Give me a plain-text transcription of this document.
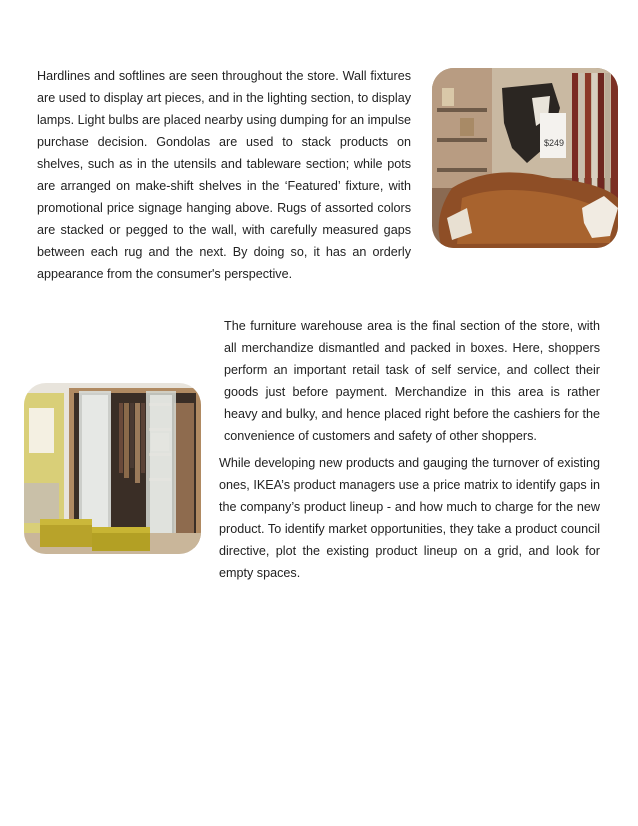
Hardlines and softlines are seen throughout the store. Wall fixtures are used to display art pieces, and in the lighting section, to display lamps. Light bulbs are placed nearby using dumping for an impulse purchase decision. Gondolas are used to stack products on shelves, such as in the utensils and tableware section; while pots are arranged on make-shift shelves in the ‘Featured’ fixture, with promotional price signage hanging above. Rugs of assorted colors are stacked or pegged to the wall, with carefully measured gaps between each rug and the next. By doing so, it has an orderly appearance from the consumer's perspective.

$249

The furniture warehouse area is the final section of the store, with all merchandize dismantled and packed in boxes. Here, shoppers perform an important retail task of self service, and collect their goods just before payment. Merchandize in this area is rather heavy and bulky, and hence placed right before the cashiers for the convenience of customers and safety of other shoppers.

While developing new products and gauging the turnover of existing ones, IKEA’s product managers use a price matrix to identify gaps in the company’s product lineup - and how much to charge for the new product. To identify market opportunities, they take a product council directive, plot the existing product lineup on a grid, and look for empty spaces.
